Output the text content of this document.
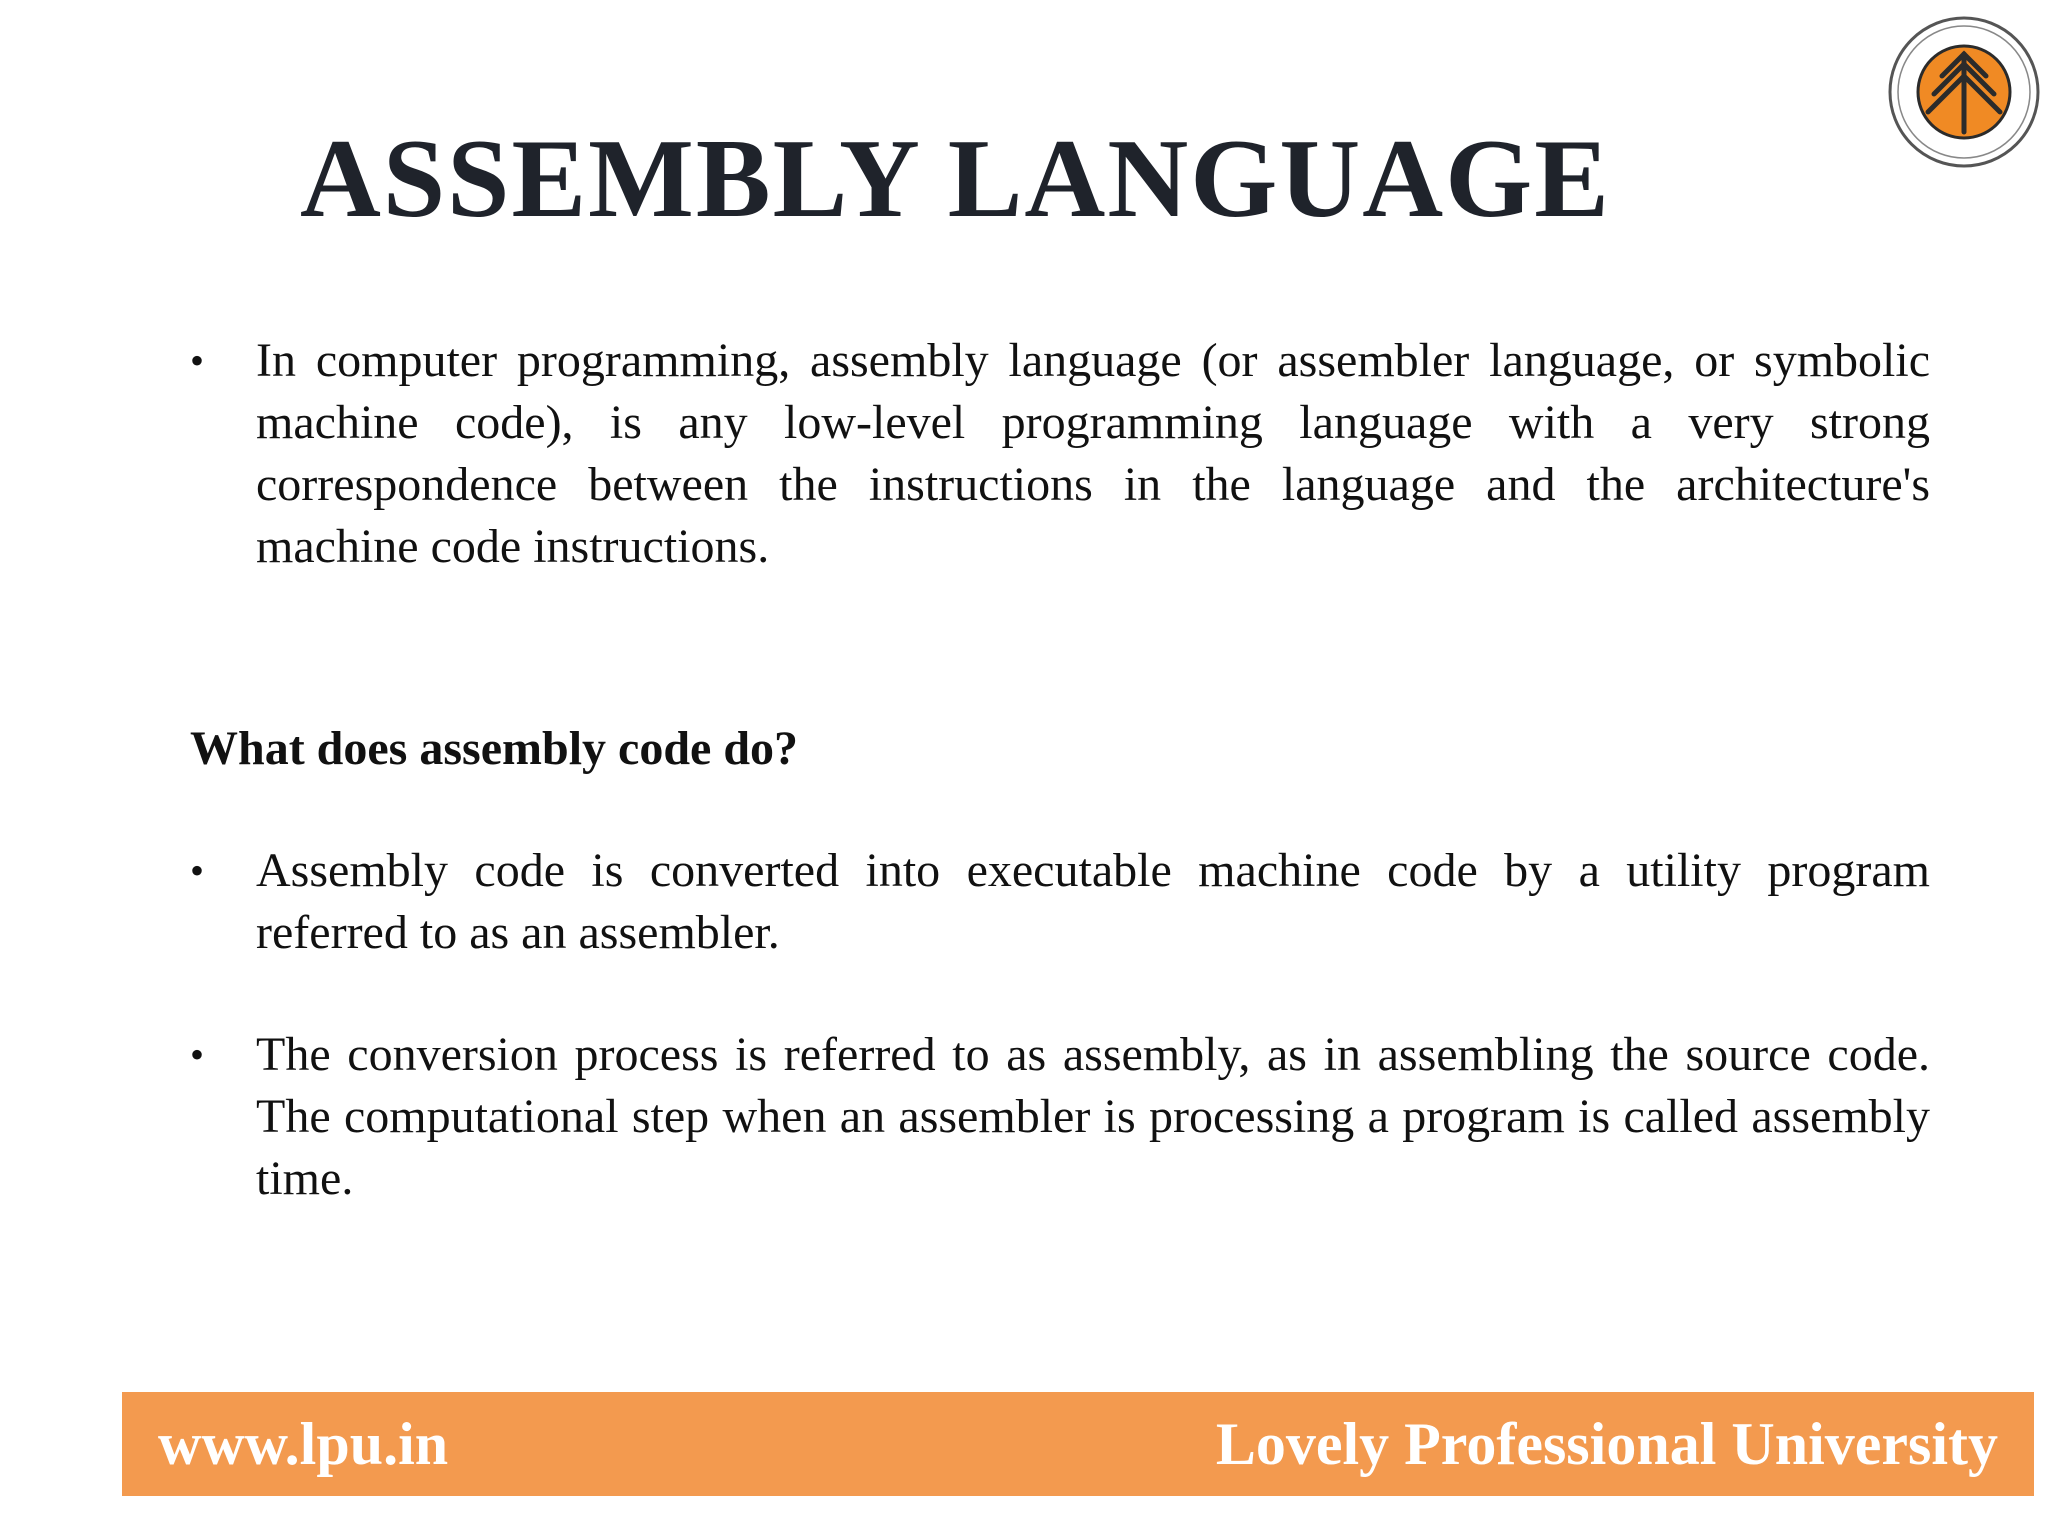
ASSEMBLY LANGUAGE
• In computer programming, assembly language (or assembler language, or symbolic machine code), is any low-level programming language with a very strong correspondence between the instructions in the language and the architecture's machine code instructions.
What does assembly code do?
• Assembly code is converted into executable machine code by a utility program referred to as an assembler.
• The conversion process is referred to as assembly, as in assembling the source code. The computational step when an assembler is processing a program is called assembly time.
www.lpu.in	Lovely Professional University
